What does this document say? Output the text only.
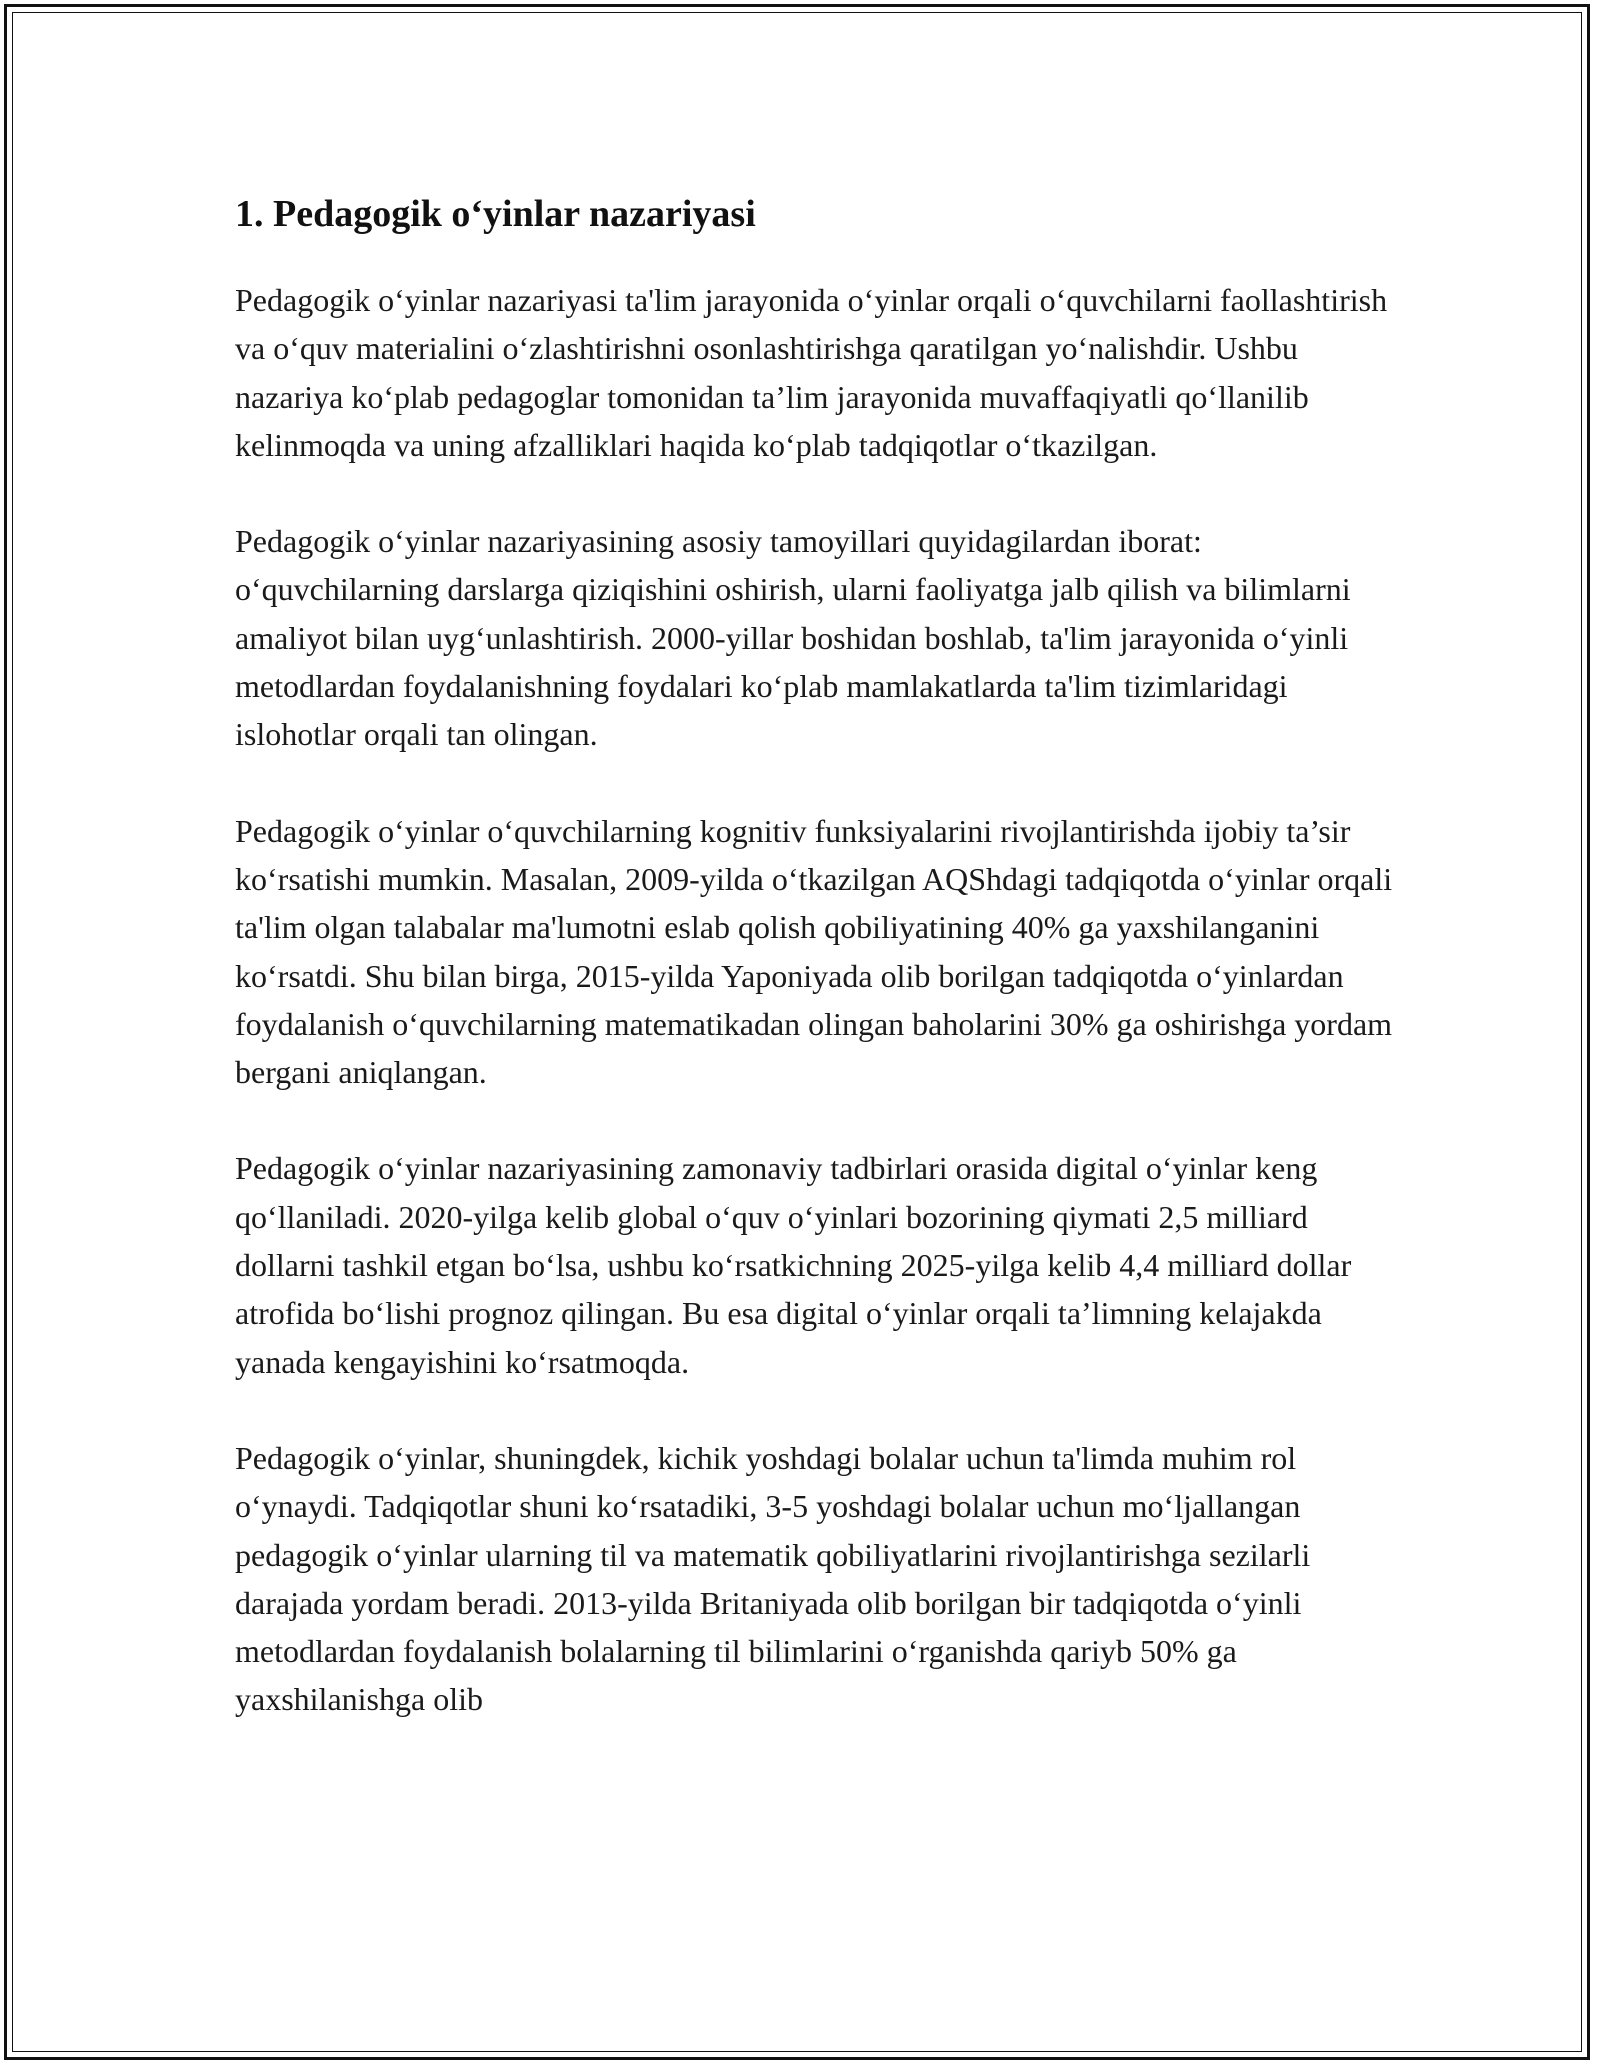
1. Pedagogik o‘yinlar nazariyasi

Pedagogik o‘yinlar nazariyasi ta'lim jarayonida o‘yinlar orqali o‘quvchilarni faollashtirish va o‘quv materialini o‘zlashtirishni osonlashtirishga qaratilgan yo‘nalishdir. Ushbu nazariya ko‘plab pedagoglar tomonidan ta’lim jarayonida muvaffaqiyatli qo‘llanilib kelinmoqda va uning afzalliklari haqida ko‘plab tadqiqotlar o‘tkazilgan.

Pedagogik o‘yinlar nazariyasining asosiy tamoyillari quyidagilardan iborat: o‘quvchilarning darslarga qiziqishini oshirish, ularni faoliyatga jalb qilish va bilimlarni amaliyot bilan uyg‘unlashtirish. 2000-yillar boshidan boshlab, ta'lim jarayonida o‘yinli metodlardan foydalanishning foydalari ko‘plab mamlakatlarda ta'lim tizimlaridagi islohotlar orqali tan olingan.

Pedagogik o‘yinlar o‘quvchilarning kognitiv funksiyalarini rivojlantirishda ijobiy ta’sir ko‘rsatishi mumkin. Masalan, 2009-yilda o‘tkazilgan AQShdagi tadqiqotda o‘yinlar orqali ta'lim olgan talabalar ma'lumotni eslab qolish qobiliyatining 40% ga yaxshilanganini ko‘rsatdi. Shu bilan birga, 2015-yilda Yaponiyada olib borilgan tadqiqotda o‘yinlardan foydalanish o‘quvchilarning matematikadan olingan baholarini 30% ga oshirishga yordam bergani aniqlangan.

Pedagogik o‘yinlar nazariyasining zamonaviy tadbirlari orasida digital o‘yinlar keng qo‘llaniladi. 2020-yilga kelib global o‘quv o‘yinlari bozorining qiymati 2,5 milliard dollarni tashkil etgan bo‘lsa, ushbu ko‘rsatkichning 2025-yilga kelib 4,4 milliard dollar atrofida bo‘lishi prognoz qilingan. Bu esa digital o‘yinlar orqali ta’limning kelajakda yanada kengayishini ko‘rsatmoqda.

Pedagogik o‘yinlar, shuningdek, kichik yoshdagi bolalar uchun ta'limda muhim rol o‘ynaydi. Tadqiqotlar shuni ko‘rsatadiki, 3-5 yoshdagi bolalar uchun mo‘ljallangan pedagogik o‘yinlar ularning til va matematik qobiliyatlarini rivojlantirishga sezilarli darajada yordam beradi. 2013-yilda Britaniyada olib borilgan bir tadqiqotda o‘yinli metodlardan foydalanish bolalarning til bilimlarini o‘rganishda qariyb 50% ga yaxshilanishga olib
